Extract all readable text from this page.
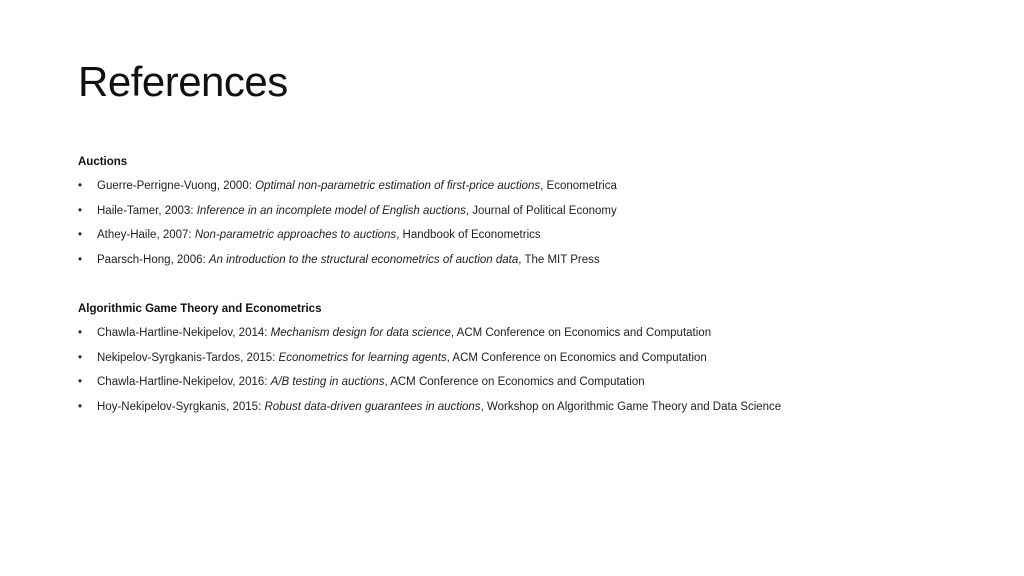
References

Auctions

• Guerre-Perrigne-Vuong, 2000: Optimal non-parametric estimation of first-price auctions, Econometrica
• Haile-Tamer, 2003: Inference in an incomplete model of English auctions, Journal of Political Economy
• Athey-Haile, 2007: Non-parametric approaches to auctions, Handbook of Econometrics
• Paarsch-Hong, 2006: An introduction to the structural econometrics of auction data, The MIT Press

Algorithmic Game Theory and Econometrics

• Chawla-Hartline-Nekipelov, 2014: Mechanism design for data science, ACM Conference on Economics and Computation
• Nekipelov-Syrgkanis-Tardos, 2015: Econometrics for learning agents, ACM Conference on Economics and Computation
• Chawla-Hartline-Nekipelov, 2016: A/B testing in auctions, ACM Conference on Economics and Computation
• Hoy-Nekipelov-Syrgkanis, 2015: Robust data-driven guarantees in auctions, Workshop on Algorithmic Game Theory and Data Science
